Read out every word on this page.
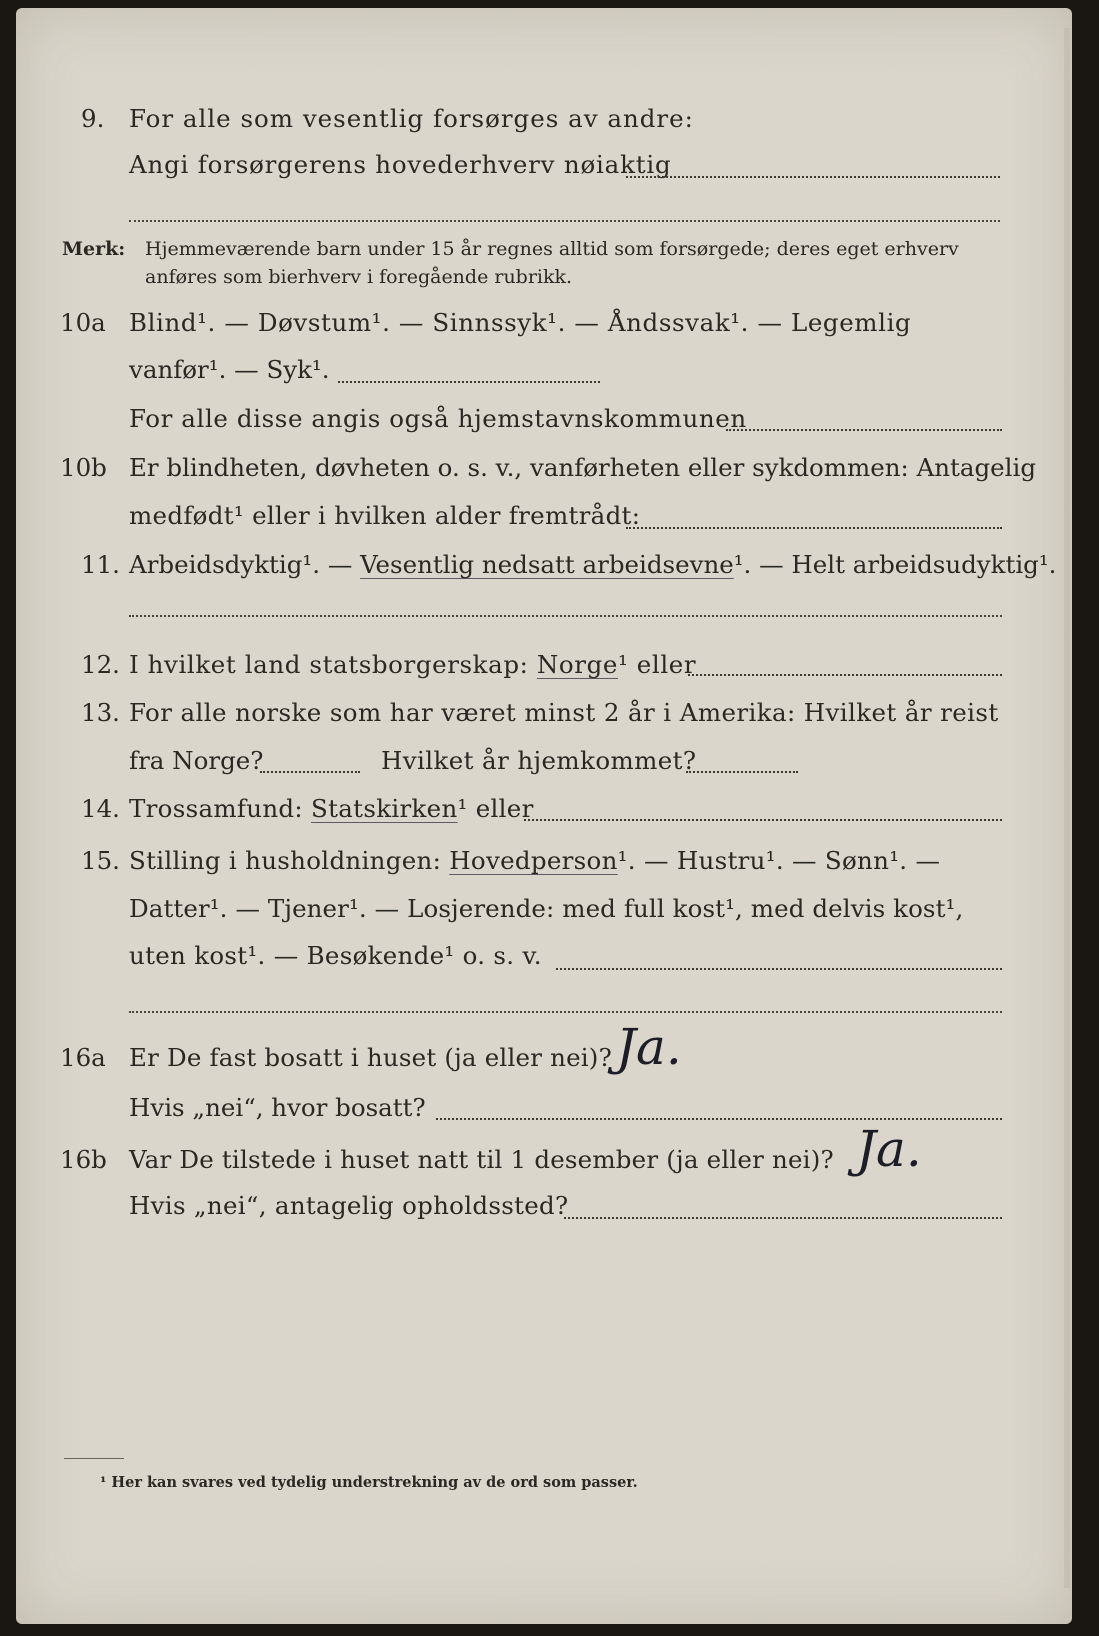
9. For alle som vesentlig forsørges av andre:
Angi forsørgerens hovederhverv nøiaktig
Merk: Hjemmeværende barn under 15 år regnes alltid som forsørgede; deres eget erhverv
anføres som bierhverv i foregående rubrikk.
10a Blind¹. — Døvstum¹. — Sinnssyk¹. — Åndssvak¹. — Legemlig
vanfør¹. — Syk¹.
For alle disse angis også hjemstavnskommunen
10b Er blindheten, døvheten o. s. v., vanførheten eller sykdommen: Antagelig
medfødt¹ eller i hvilken alder fremtrådt:
11. Arbeidsdyktig¹. — Vesentlig nedsatt arbeidsevne¹. — Helt arbeidsudyktig¹.
12. I hvilket land statsborgerskap: Norge¹ eller
13. For alle norske som har været minst 2 år i Amerika: Hvilket år reist
fra Norge?	Hvilket år hjemkommet?
14. Trossamfund: Statskirken¹ eller
15. Stilling i husholdningen: Hovedperson¹. — Hustru¹. — Sønn¹. —
Datter¹. — Tjener¹. — Losjerende: med full kost¹, med delvis kost¹,
uten kost¹. — Besøkende¹ o. s. v.
16a Er De fast bosatt i huset (ja eller nei)? Ja.
Hvis „nei“, hvor bosatt?
16b Var De tilstede i huset natt til 1 desember (ja eller nei)? Ja.
Hvis „nei“, antagelig opholdssted?
¹ Her kan svares ved tydelig understrekning av de ord som passer.
